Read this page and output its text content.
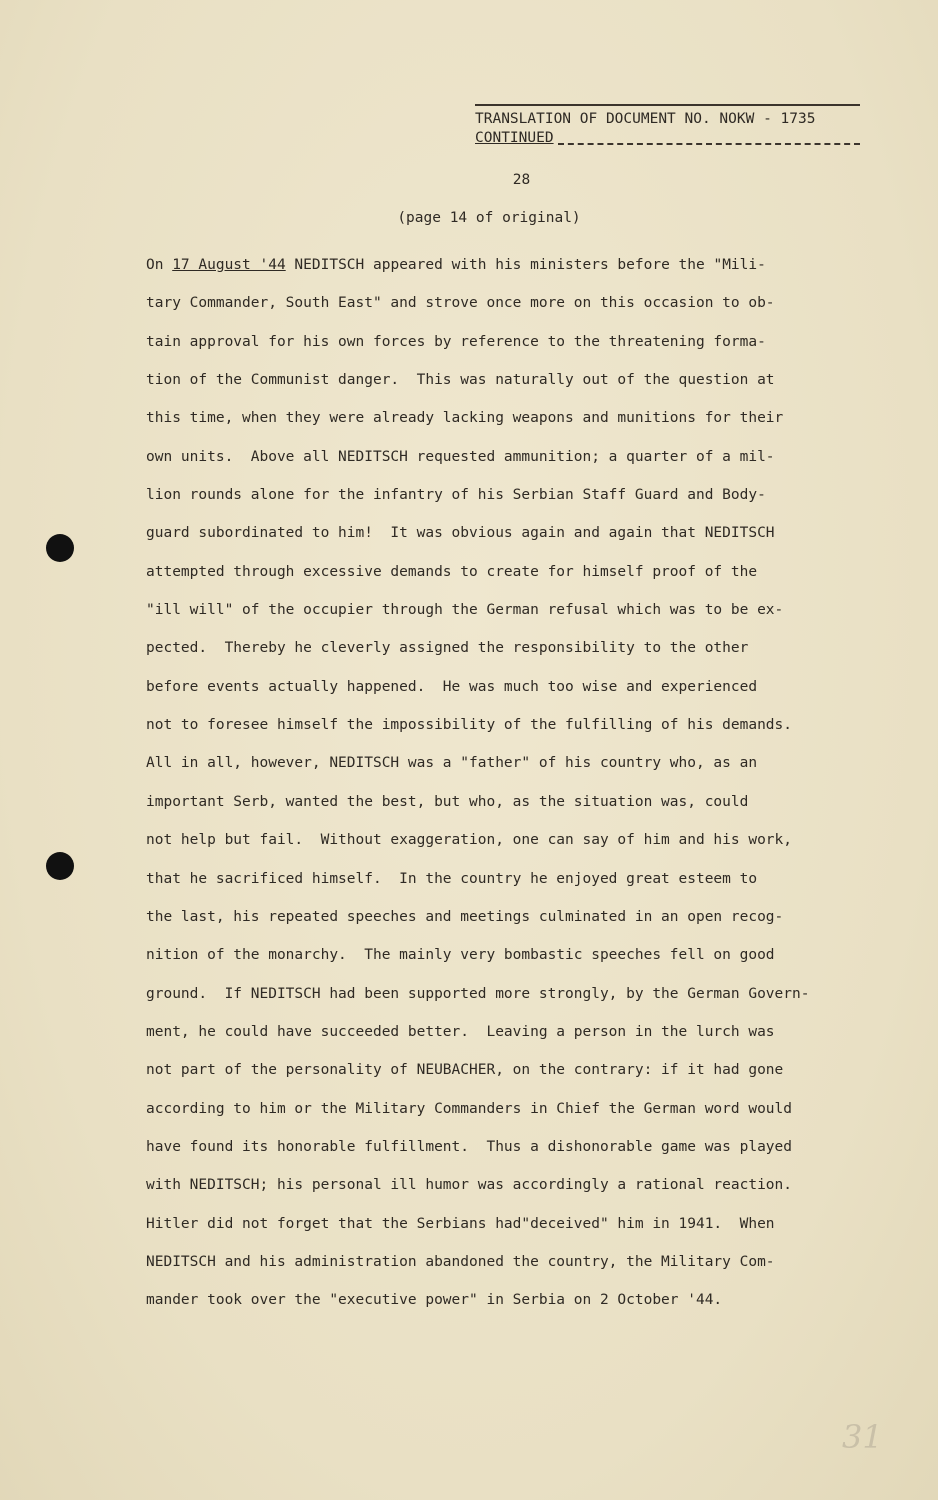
TRANSLATION OF DOCUMENT NO. NOKW - 1735
CONTINUED
28
(page 14 of original)
On 17 August '44 NEDITSCH appeared with his ministers before the "Mili-
tary Commander, South East" and strove once more on this occasion to ob-
tain approval for his own forces by reference to the threatening forma-
tion of the Communist danger.  This was naturally out of the question at
this time, when they were already lacking weapons and munitions for their
own units.  Above all NEDITSCH requested ammunition; a quarter of a mil-
lion rounds alone for the infantry of his Serbian Staff Guard and Body-
guard subordinated to him!  It was obvious again and again that NEDITSCH
attempted through excessive demands to create for himself proof of the
"ill will" of the occupier through the German refusal which was to be ex-
pected.  Thereby he cleverly assigned the responsibility to the other
before events actually happened.  He was much too wise and experienced
not to foresee himself the impossibility of the fulfilling of his demands.
All in all, however, NEDITSCH was a "father" of his country who, as an
important Serb, wanted the best, but who, as the situation was, could
not help but fail.  Without exaggeration, one can say of him and his work,
that he sacrificed himself.  In the country he enjoyed great esteem to
the last, his repeated speeches and meetings culminated in an open recog-
nition of the monarchy.  The mainly very bombastic speeches fell on good
ground.  If NEDITSCH had been supported more strongly, by the German Govern-
ment, he could have succeeded better.  Leaving a person in the lurch was
not part of the personality of NEUBACHER, on the contrary: if it had gone
according to him or the Military Commanders in Chief the German word would
have found its honorable fulfillment.  Thus a dishonorable game was played
with NEDITSCH; his personal ill humor was accordingly a rational reaction.
Hitler did not forget that the Serbians had"deceived" him in 1941.  When
NEDITSCH and his administration abandoned the country, the Military Com-
mander took over the "executive power" in Serbia on 2 October '44.
31
